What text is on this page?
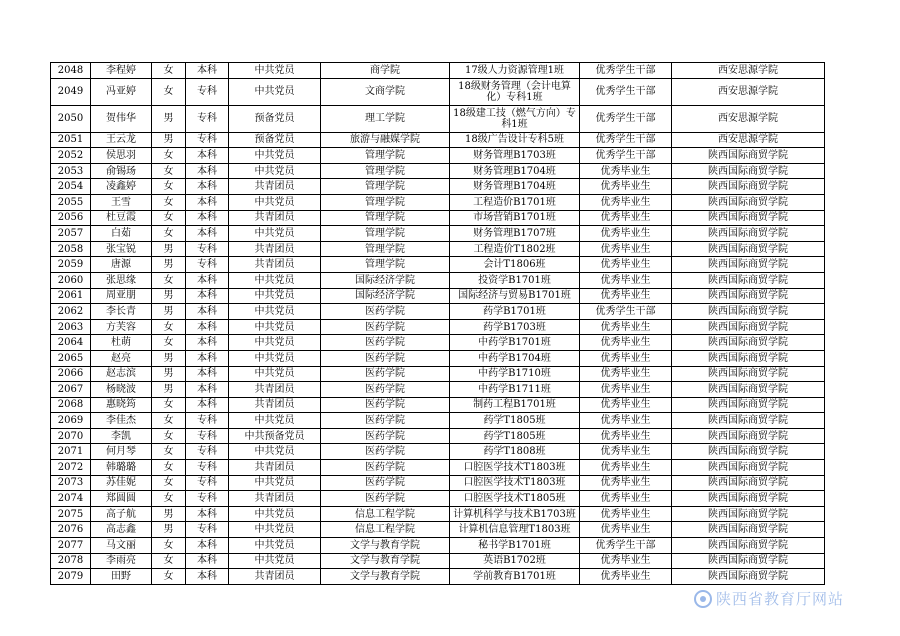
2048	李程婷	女	本科	中共党员	商学院	17级人力资源管理1班	优秀学生干部	西安思源学院
2049	冯亚婷	女	专科	中共党员	文商学院	18级财务管理（会计电算化）专科1班	优秀学生干部	西安思源学院
2050	贺伟华	男	专科	预备党员	理工学院	18级建工技（燃气方向）专科1班	优秀学生干部	西安思源学院
2051	王云龙	男	专科	预备党员	旅游与融媒学院	18级广告设计专科5班	优秀学生干部	西安思源学院
2052	侯思羽	女	本科	中共党员	管理学院	财务管理B1703班	优秀学生干部	陕西国际商贸学院
2053	俞锡玚	女	本科	中共党员	管理学院	财务管理B1704班	优秀毕业生	陕西国际商贸学院
2054	凌鑫婷	女	本科	共青团员	管理学院	财务管理B1704班	优秀毕业生	陕西国际商贸学院
2055	王雪	女	本科	中共党员	管理学院	工程造价B1701班	优秀毕业生	陕西国际商贸学院
2056	杜豆霞	女	本科	共青团员	管理学院	市场营销B1701班	优秀毕业生	陕西国际商贸学院
2057	白茹	女	本科	中共党员	管理学院	财务管理B1707班	优秀毕业生	陕西国际商贸学院
2058	张宝锐	男	专科	共青团员	管理学院	工程造价T1802班	优秀毕业生	陕西国际商贸学院
2059	唐源	男	专科	共青团员	管理学院	会计T1806班	优秀毕业生	陕西国际商贸学院
2060	张思缘	女	本科	中共党员	国际经济学院	投资学B1701班	优秀毕业生	陕西国际商贸学院
2061	周亚朋	男	本科	中共党员	国际经济学院	国际经济与贸易B1701班	优秀毕业生	陕西国际商贸学院
2062	李长青	男	本科	中共党员	医药学院	药学B1701班	优秀学生干部	陕西国际商贸学院
2063	方芙容	女	本科	中共党员	医药学院	药学B1703班	优秀毕业生	陕西国际商贸学院
2064	杜萌	女	本科	中共党员	医药学院	中药学B1701班	优秀毕业生	陕西国际商贸学院
2065	赵亮	男	本科	中共党员	医药学院	中药学B1704班	优秀毕业生	陕西国际商贸学院
2066	赵志滨	男	本科	中共党员	医药学院	中药学B1710班	优秀毕业生	陕西国际商贸学院
2067	杨晓波	男	本科	共青团员	医药学院	中药学B1711班	优秀毕业生	陕西国际商贸学院
2068	惠晓筠	女	本科	共青团员	医药学院	制药工程B1701班	优秀毕业生	陕西国际商贸学院
2069	李佳杰	女	专科	中共党员	医药学院	药学T1805班	优秀毕业生	陕西国际商贸学院
2070	李凯	女	专科	中共预备党员	医药学院	药学T1805班	优秀毕业生	陕西国际商贸学院
2071	何月琴	女	专科	中共党员	医药学院	药学T1808班	优秀毕业生	陕西国际商贸学院
2072	韩璐璐	女	专科	共青团员	医药学院	口腔医学技术T1803班	优秀毕业生	陕西国际商贸学院
2073	苏佳妮	女	专科	中共党员	医药学院	口腔医学技术T1803班	优秀毕业生	陕西国际商贸学院
2074	郑圆圆	女	专科	共青团员	医药学院	口腔医学技术T1805班	优秀毕业生	陕西国际商贸学院
2075	高子航	男	本科	中共党员	信息工程学院	计算机科学与技术B1703班	优秀毕业生	陕西国际商贸学院
2076	高志鑫	男	专科	中共党员	信息工程学院	计算机信息管理T1803班	优秀毕业生	陕西国际商贸学院
2077	马文丽	女	本科	中共党员	文学与教育学院	秘书学B1701班	优秀学生干部	陕西国际商贸学院
2078	李雨亮	女	本科	中共党员	文学与教育学院	英语B1702班	优秀毕业生	陕西国际商贸学院
2079	田野	女	本科	共青团员	文学与教育学院	学前教育B1701班	优秀毕业生	陕西国际商贸学院
陕西省教育厅网站
